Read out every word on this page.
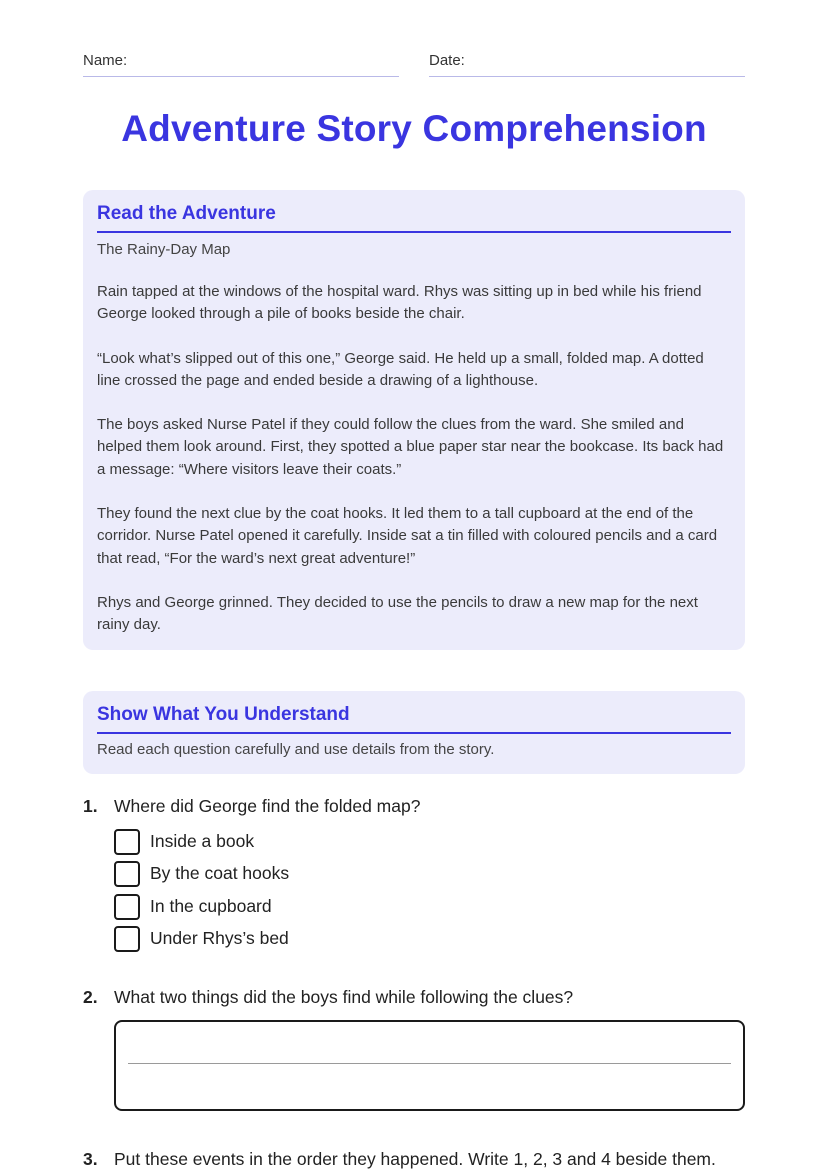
Name:	Date:
Adventure Story Comprehension
Read the Adventure
The Rainy-Day Map
Rain tapped at the windows of the hospital ward. Rhys was sitting up in bed while his friend George looked through a pile of books beside the chair.
“Look what’s slipped out of this one,” George said. He held up a small, folded map. A dotted line crossed the page and ended beside a drawing of a lighthouse.
The boys asked Nurse Patel if they could follow the clues from the ward. She smiled and helped them look around. First, they spotted a blue paper star near the bookcase. Its back had a message: “Where visitors leave their coats.”
They found the next clue by the coat hooks. It led them to a tall cupboard at the end of the corridor. Nurse Patel opened it carefully. Inside sat a tin filled with coloured pencils and a card that read, “For the ward’s next great adventure!”
Rhys and George grinned. They decided to use the pencils to draw a new map for the next rainy day.
Show What You Understand
Read each question carefully and use details from the story.
1. Where did George find the folded map?
Inside a book
By the coat hooks
In the cupboard
Under Rhys’s bed
2. What two things did the boys find while following the clues?
3. Put these events in the order they happened. Write 1, 2, 3 and 4 beside them.
